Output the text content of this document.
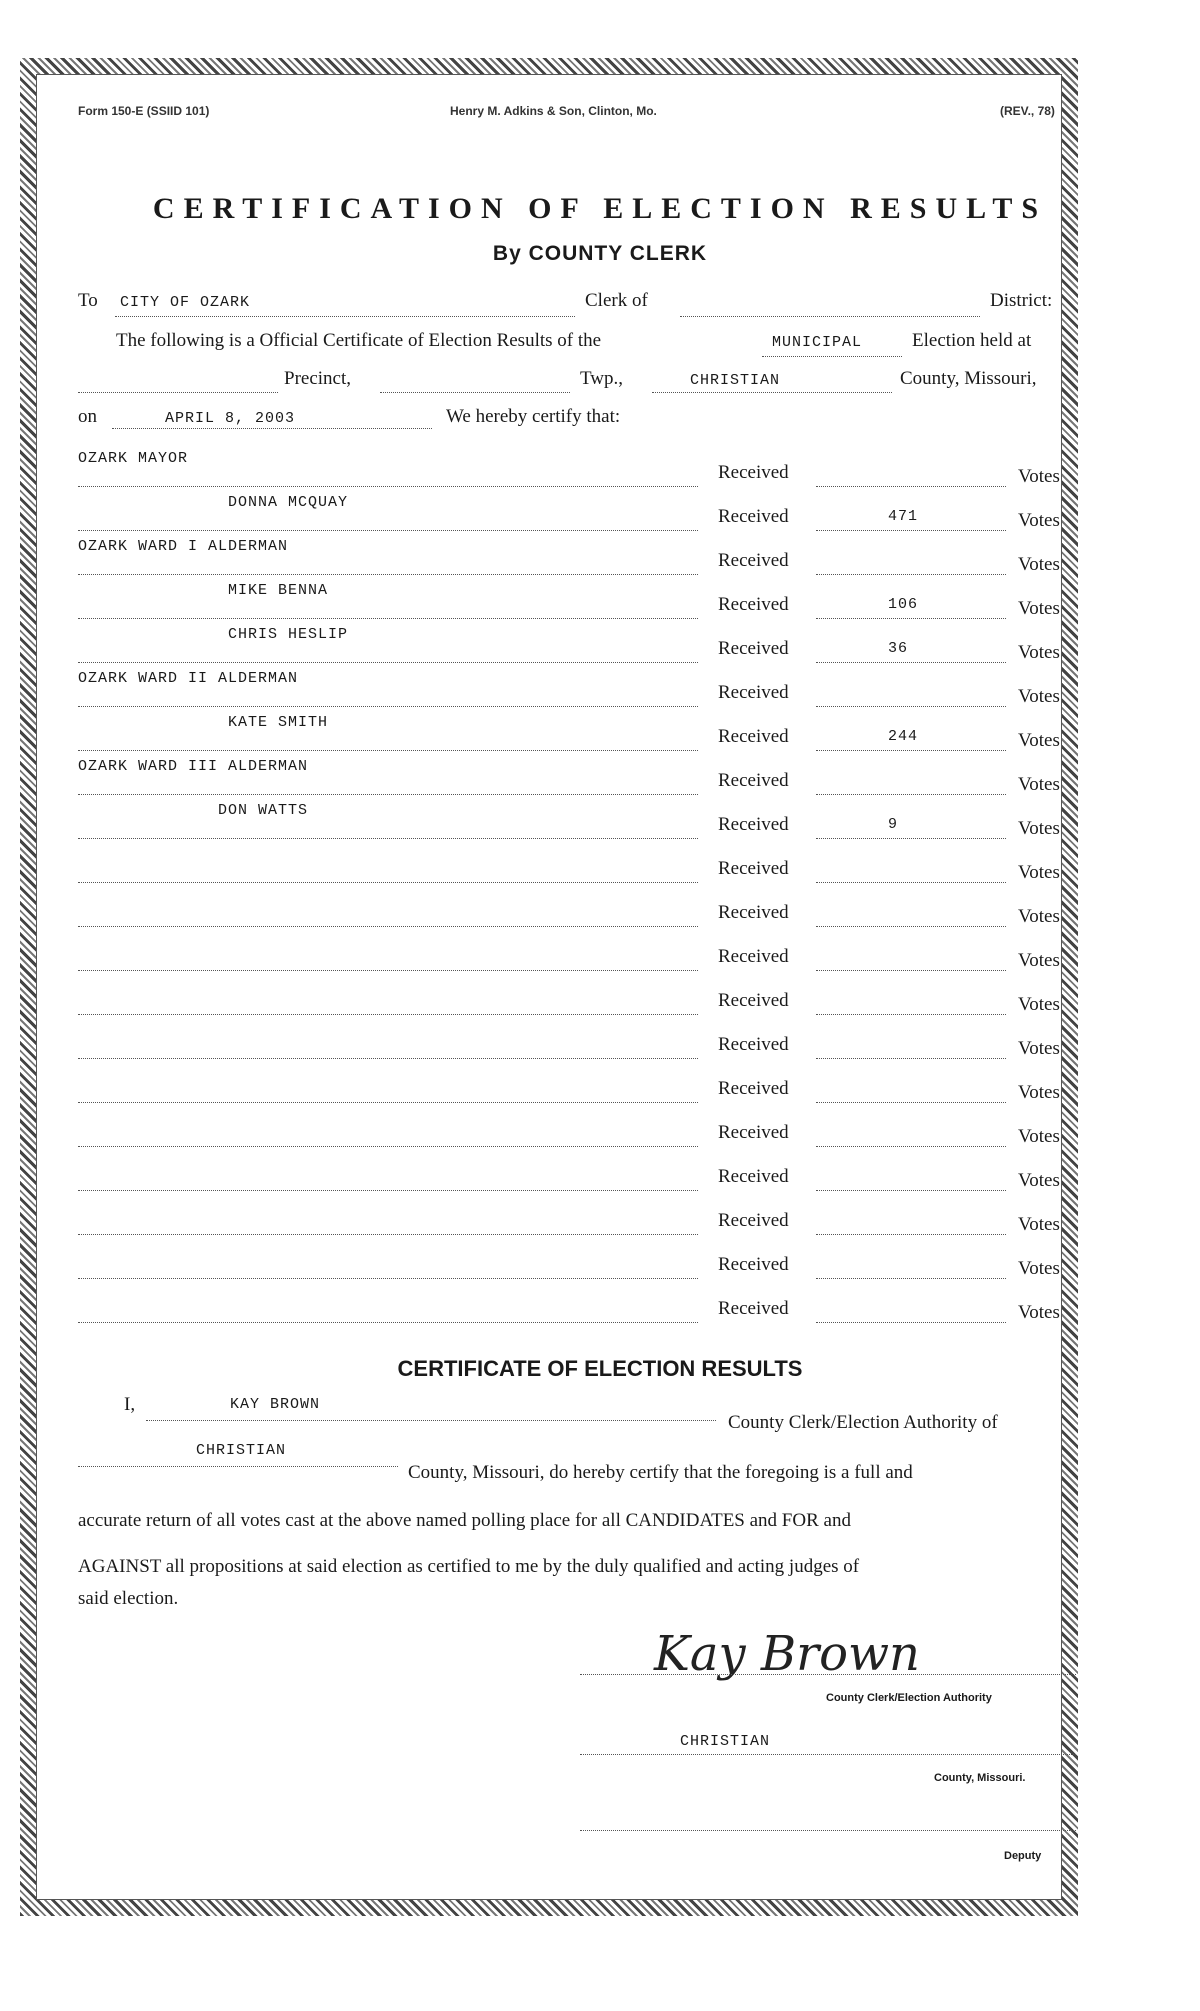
Form 150-E (SSIID 101)	Henry M. Adkins & Son, Clinton, Mo.	(REV., 78)
CERTIFICATION OF ELECTION RESULTS
By COUNTY CLERK
To CITY OF OZARK	Clerk of	District:
The following is a Official Certificate of Election Results of the	MUNICIPAL	Election held at
Precinct,	Twp.,	CHRISTIAN	County, Missouri,
on	APRIL 8, 2003	We hereby certify that:
OZARK MAYOR
Received	Votes
DONNA MCQUAY
Received	471	Votes
OZARK WARD I ALDERMAN
Received	Votes
MIKE BENNA
Received	106	Votes
CHRIS HESLIP
Received	36	Votes
OZARK WARD II ALDERMAN
Received	Votes
KATE SMITH
Received	244	Votes
OZARK WARD III ALDERMAN
Received	Votes
DON WATTS
Received	9	Votes
Received	Votes
Received	Votes
Received	Votes
Received	Votes
Received	Votes
Received	Votes
Received	Votes
Received	Votes
Received	Votes
Received	Votes
Received	Votes
CERTIFICATE OF ELECTION RESULTS
I,	KAY BROWN
County Clerk/Election Authority of
CHRISTIAN
County, Missouri, do hereby certify that the foregoing is a full and
accurate return of all votes cast at the above named polling place for all CANDIDATES and FOR and
AGAINST all propositions at said election as certified to me by the duly qualified and acting judges of
said election.
Kay Brown
County Clerk/Election Authority
CHRISTIAN
County, Missouri.
Deputy
